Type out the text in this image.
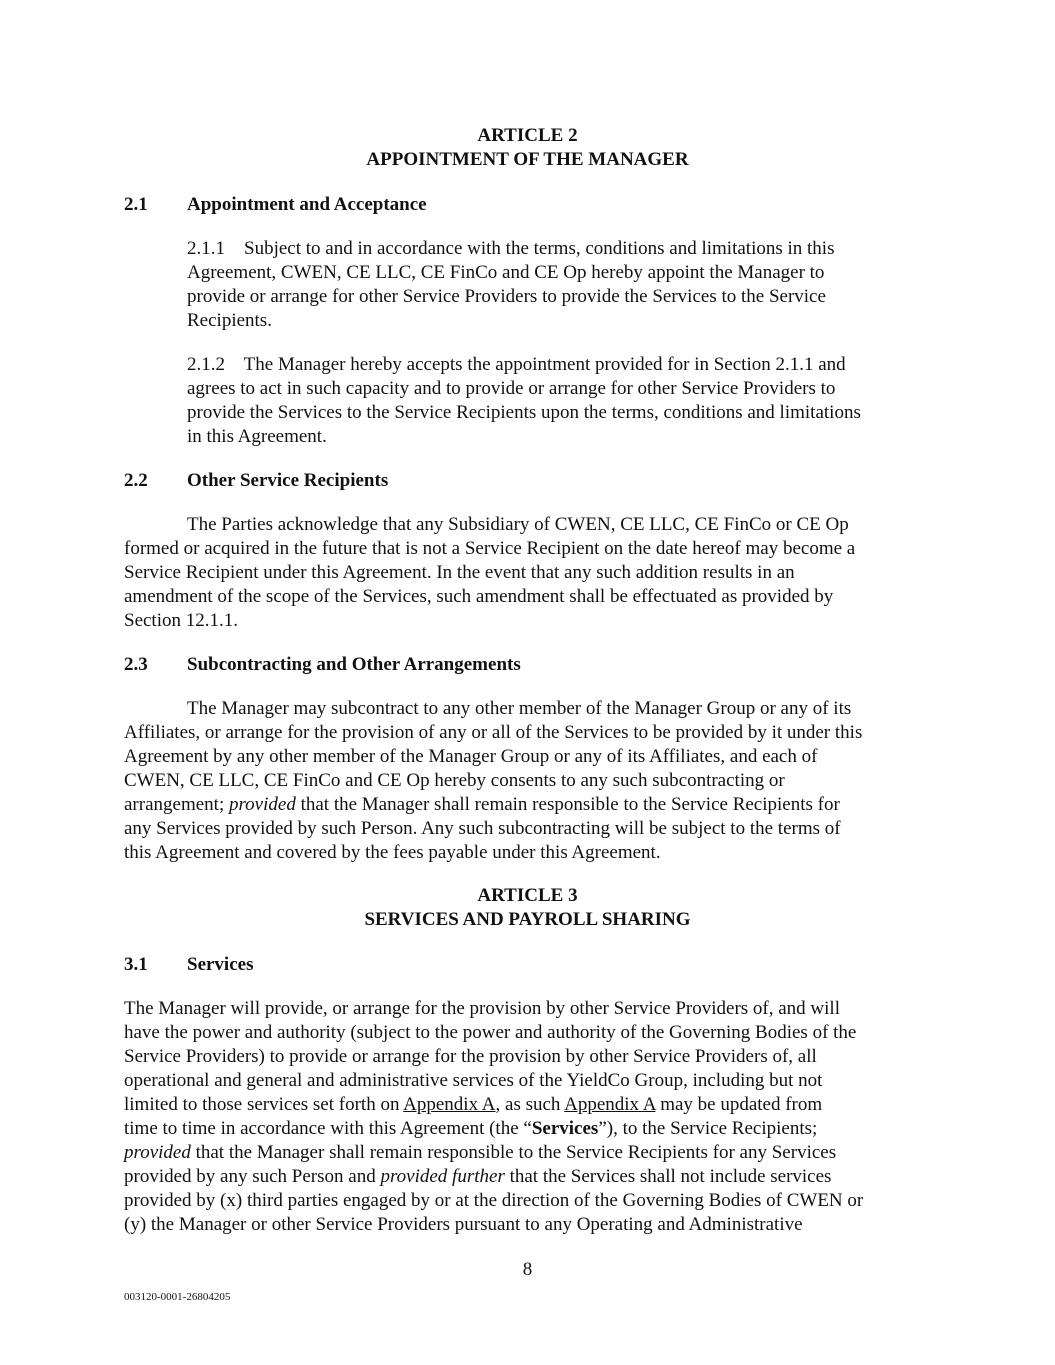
ARTICLE 2
APPOINTMENT OF THE MANAGER
2.1 Appointment and Acceptance
2.1.1    Subject to and in accordance with the terms, conditions and limitations in this
Agreement, CWEN, CE LLC, CE FinCo and CE Op hereby appoint the Manager to
provide or arrange for other Service Providers to provide the Services to the Service
Recipients.
2.1.2    The Manager hereby accepts the appointment provided for in Section 2.1.1 and
agrees to act in such capacity and to provide or arrange for other Service Providers to
provide the Services to the Service Recipients upon the terms, conditions and limitations
in this Agreement.
2.2 Other Service Recipients
The Parties acknowledge that any Subsidiary of CWEN, CE LLC, CE FinCo or CE Op
formed or acquired in the future that is not a Service Recipient on the date hereof may become a
Service Recipient under this Agreement. In the event that any such addition results in an
amendment of the scope of the Services, such amendment shall be effectuated as provided by
Section 12.1.1.
2.3 Subcontracting and Other Arrangements
The Manager may subcontract to any other member of the Manager Group or any of its
Affiliates, or arrange for the provision of any or all of the Services to be provided by it under this
Agreement by any other member of the Manager Group or any of its Affiliates, and each of
CWEN, CE LLC, CE FinCo and CE Op hereby consents to any such subcontracting or
arrangement; provided that the Manager shall remain responsible to the Service Recipients for
any Services provided by such Person. Any such subcontracting will be subject to the terms of
this Agreement and covered by the fees payable under this Agreement.
ARTICLE 3
SERVICES AND PAYROLL SHARING
3.1 Services
The Manager will provide, or arrange for the provision by other Service Providers of, and will
have the power and authority (subject to the power and authority of the Governing Bodies of the
Service Providers) to provide or arrange for the provision by other Service Providers of, all
operational and general and administrative services of the YieldCo Group, including but not
limited to those services set forth on Appendix A, as such Appendix A may be updated from
time to time in accordance with this Agreement (the “Services”), to the Service Recipients;
provided that the Manager shall remain responsible to the Service Recipients for any Services
provided by any such Person and provided further that the Services shall not include services
provided by (x) third parties engaged by or at the direction of the Governing Bodies of CWEN or
(y) the Manager or other Service Providers pursuant to any Operating and Administrative
8
003120-0001-26804205
